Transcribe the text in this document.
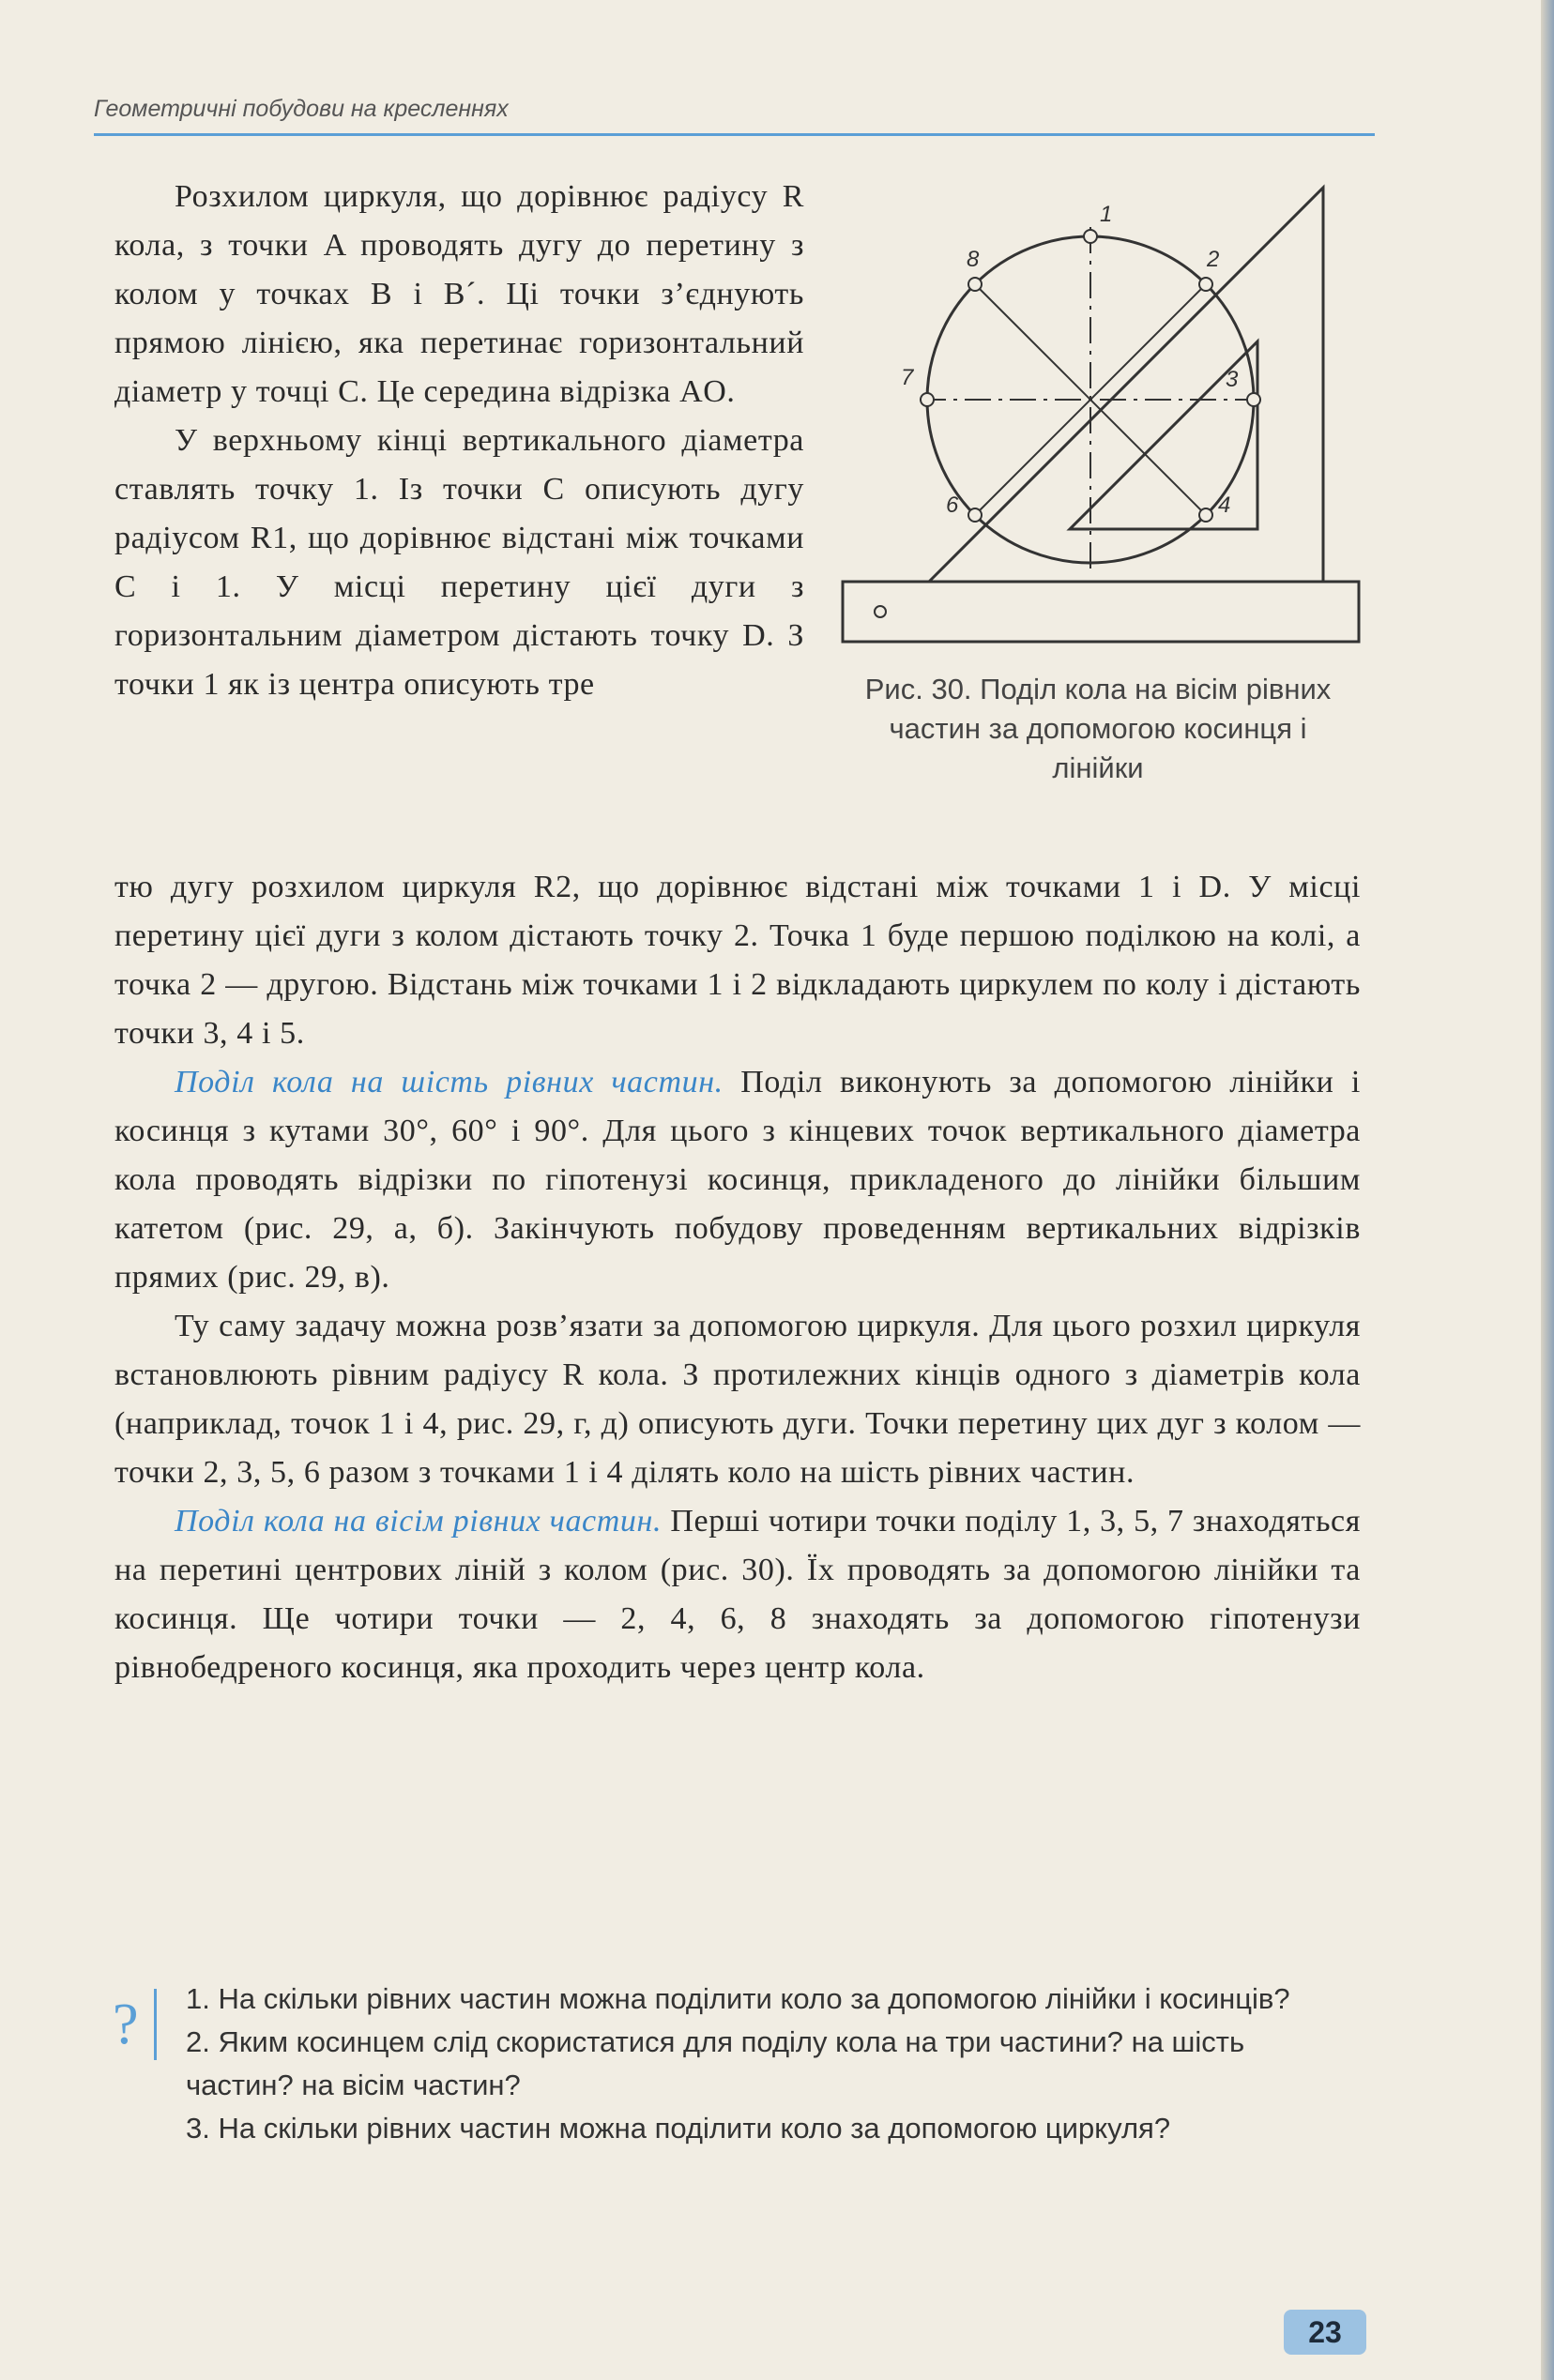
Геометричні побудови на кресленнях

Розхилом циркуля, що дорівнює радіусу R кола, з точки A проводять дугу до перетину з колом у точках B і B´. Ці точки з’єднують прямою лінією, яка перетинає горизонтальний діаметр у точці C. Це середина відрізка AO.

У верхньому кінці вертикального діаметра ставлять точку 1. Із точки C описують дугу радіусом R1, що дорівнює відстані між точками C і 1. У місці перетину цієї дуги з горизонтальним діаметром дістають точку D. З точки 1 як із центра описують тре

1
2
3
4
6
7
8
Рис. 30. Поділ кола на вісім рівних частин за допомогою косинця і лінійки

тю дугу розхилом циркуля R2, що дорівнює відстані між точками 1 і D. У місці перетину цієї дуги з колом дістають точку 2. Точка 1 буде першою поділкою на колі, а точка 2 — другою. Відстань між точками 1 і 2 відкладають циркулем по колу і дістають точки 3, 4 і 5.

Поділ кола на шість рівних частин. Поділ виконують за допомогою лінійки і косинця з кутами 30°, 60° і 90°. Для цього з кінцевих точок вертикального діаметра кола проводять відрізки по гіпотенузі косинця, прикладеного до лінійки більшим катетом (рис. 29, а, б). Закінчують побудову проведенням вертикальних відрізків прямих (рис. 29, в).

Ту саму задачу можна розв’язати за допомогою циркуля. Для цього розхил циркуля встановлюють рівним радіусу R кола. З протилежних кінців одного з діаметрів кола (наприклад, точок 1 і 4, рис. 29, г, д) описують дуги. Точки перетину цих дуг з колом — точки 2, 3, 5, 6 разом з точками 1 і 4 ділять коло на шість рівних частин.

Поділ кола на вісім рівних частин. Перші чотири точки поділу 1, 3, 5, 7 знаходяться на перетині центрових ліній з колом (рис. 30). Їх проводять за допомогою лінійки та косинця. Ще чотири точки — 2, 4, 6, 8 знаходять за допомогою гіпотенузи рівнобедреного косинця, яка проходить через центр кола.

?	1. На скільки рівних частин можна поділити коло за допомогою лінійки і косинців?
2. Яким косинцем слід скористатися для поділу кола на три частини? на шість частин? на вісім частин?
3. На скільки рівних частин можна поділити коло за допомогою циркуля?
23
